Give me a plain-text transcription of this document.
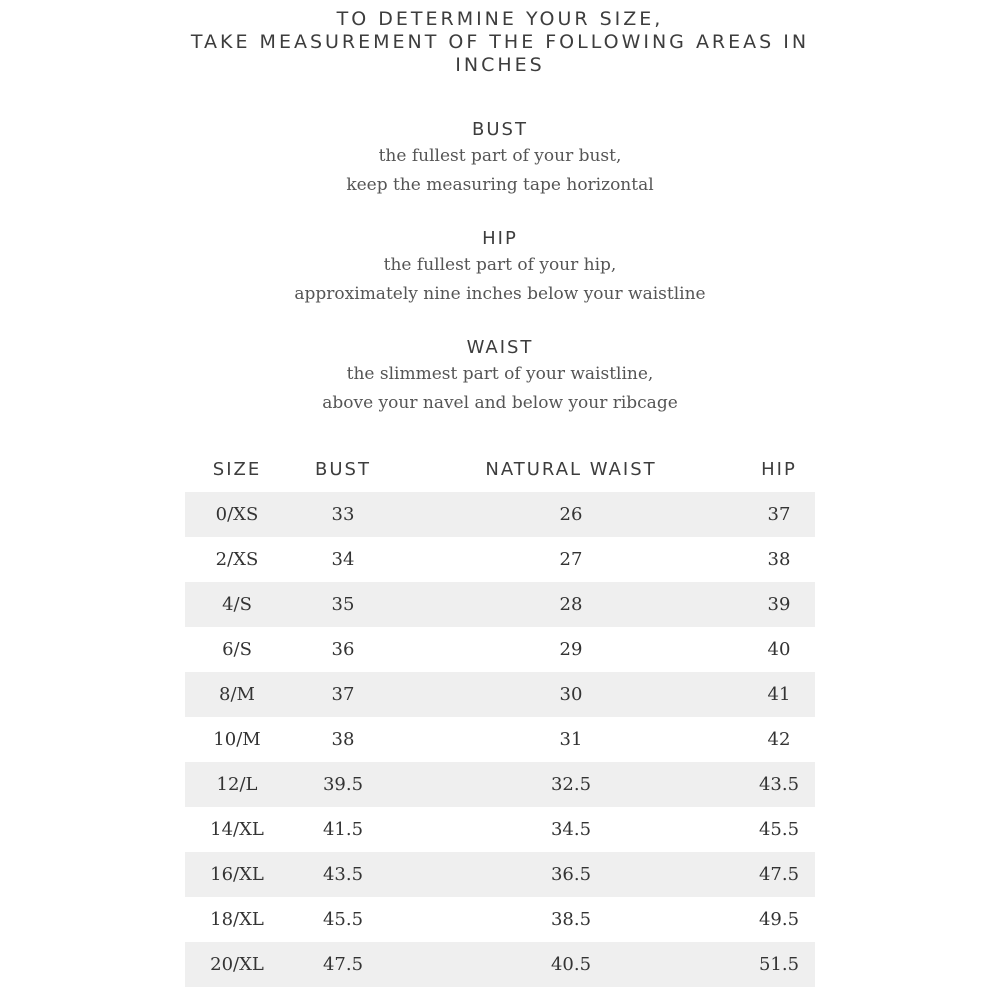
TO DETERMINE YOUR SIZE,
TAKE MEASUREMENT OF THE FOLLOWING AREAS IN
INCHES
BUST
the fullest part of your bust,
keep the measuring tape horizontal
HIP
the fullest part of your hip,
approximately nine inches below your waistline
WAIST
the slimmest part of your waistline,
above your navel and below your ribcage
SIZE	BUST	NATURAL WAIST	HIP
0/XS	33	26	37
2/XS	34	27	38
4/S	35	28	39
6/S	36	29	40
8/M	37	30	41
10/M	38	31	42
12/L	39.5	32.5	43.5
14/XL	41.5	34.5	45.5
16/XL	43.5	36.5	47.5
18/XL	45.5	38.5	49.5
20/XL	47.5	40.5	51.5
